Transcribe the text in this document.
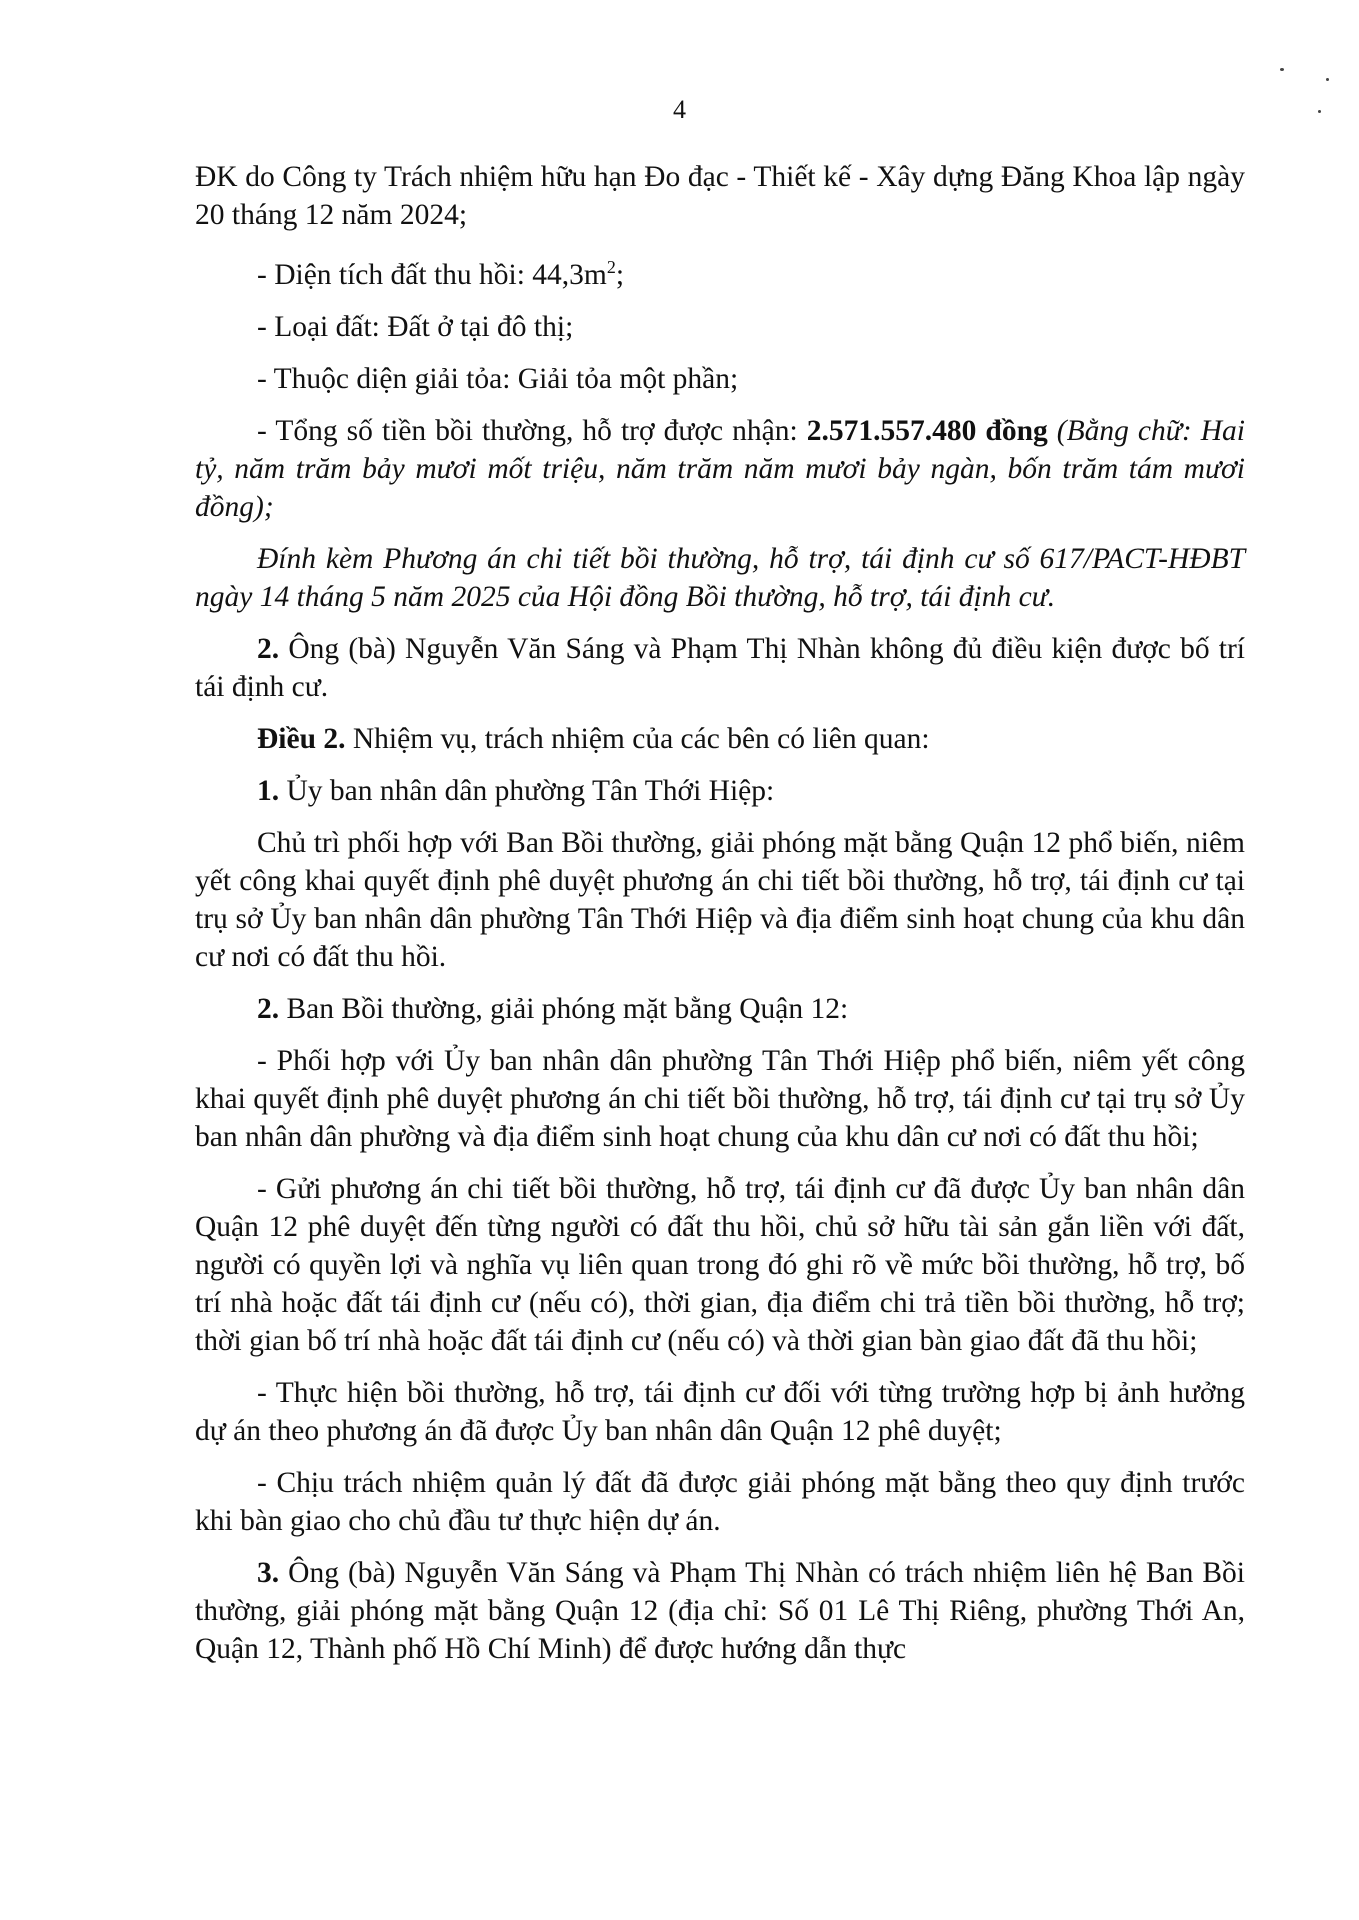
4

ĐK do Công ty Trách nhiệm hữu hạn Đo đạc - Thiết kế - Xây dựng Đăng Khoa lập ngày 20 tháng 12 năm 2024;

- Diện tích đất thu hồi: $44,3m^2$;

- Loại đất: Đất ở tại đô thị;

- Thuộc diện giải tỏa: Giải tỏa một phần;

- Tổng số tiền bồi thường, hỗ trợ được nhận: 2.571.557.480 đồng (Bằng chữ: Hai tỷ, năm trăm bảy mươi mốt triệu, năm trăm năm mươi bảy ngàn, bốn trăm tám mươi đồng);

Đính kèm Phương án chi tiết bồi thường, hỗ trợ, tái định cư số 617/PACT-HĐBT ngày 14 tháng 5 năm 2025 của Hội đồng Bồi thường, hỗ trợ, tái định cư.

2. Ông (bà) Nguyễn Văn Sáng và Phạm Thị Nhàn không đủ điều kiện được bố trí tái định cư.

Điều 2. Nhiệm vụ, trách nhiệm của các bên có liên quan:

1. Ủy ban nhân dân phường Tân Thới Hiệp:

Chủ trì phối hợp với Ban Bồi thường, giải phóng mặt bằng Quận 12 phổ biến, niêm yết công khai quyết định phê duyệt phương án chi tiết bồi thường, hỗ trợ, tái định cư tại trụ sở Ủy ban nhân dân phường Tân Thới Hiệp và địa điểm sinh hoạt chung của khu dân cư nơi có đất thu hồi.

2. Ban Bồi thường, giải phóng mặt bằng Quận 12:

- Phối hợp với Ủy ban nhân dân phường Tân Thới Hiệp phổ biến, niêm yết công khai quyết định phê duyệt phương án chi tiết bồi thường, hỗ trợ, tái định cư tại trụ sở Ủy ban nhân dân phường và địa điểm sinh hoạt chung của khu dân cư nơi có đất thu hồi;

- Gửi phương án chi tiết bồi thường, hỗ trợ, tái định cư đã được Ủy ban nhân dân Quận 12 phê duyệt đến từng người có đất thu hồi, chủ sở hữu tài sản gắn liền với đất, người có quyền lợi và nghĩa vụ liên quan trong đó ghi rõ về mức bồi thường, hỗ trợ, bố trí nhà hoặc đất tái định cư (nếu có), thời gian, địa điểm chi trả tiền bồi thường, hỗ trợ; thời gian bố trí nhà hoặc đất tái định cư (nếu có) và thời gian bàn giao đất đã thu hồi;

- Thực hiện bồi thường, hỗ trợ, tái định cư đối với từng trường hợp bị ảnh hưởng dự án theo phương án đã được Ủy ban nhân dân Quận 12 phê duyệt;

- Chịu trách nhiệm quản lý đất đã được giải phóng mặt bằng theo quy định trước khi bàn giao cho chủ đầu tư thực hiện dự án.

3. Ông (bà) Nguyễn Văn Sáng và Phạm Thị Nhàn có trách nhiệm liên hệ Ban Bồi thường, giải phóng mặt bằng Quận 12 (địa chỉ: Số 01 Lê Thị Riêng, phường Thới An, Quận 12, Thành phố Hồ Chí Minh) để được hướng dẫn thực
